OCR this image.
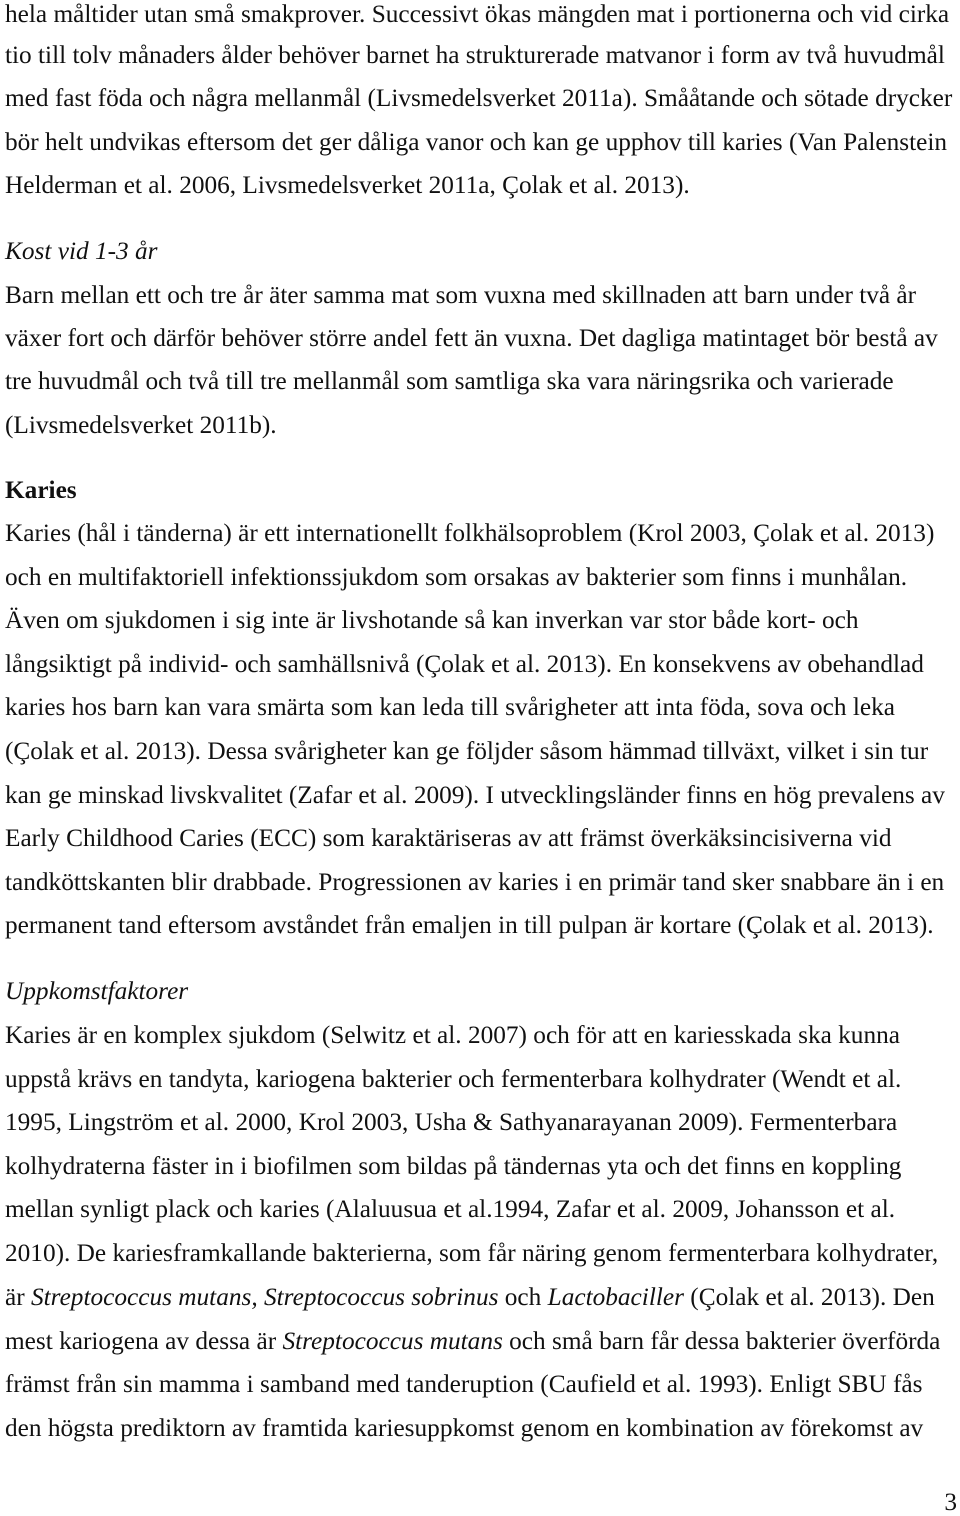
hela måltider utan små smakprover. Successivt ökas mängden mat i portionerna och vid cirka
tio till tolv månaders ålder behöver barnet ha strukturerade matvanor i form av två huvudmål
med fast föda och några mellanmål (Livsmedelsverket 2011a). Smååtande och sötade drycker
bör helt undvikas eftersom det ger dåliga vanor och kan ge upphov till karies (Van Palenstein
Helderman et al. 2006, Livsmedelsverket 2011a, Çolak et al. 2013).
Kost vid 1-3 år
Barn mellan ett och tre år äter samma mat som vuxna med skillnaden att barn under två år
växer fort och därför behöver större andel fett än vuxna. Det dagliga matintaget bör bestå av
tre huvudmål och två till tre mellanmål som samtliga ska vara näringsrika och varierade
(Livsmedelsverket 2011b).
Karies
Karies (hål i tänderna) är ett internationellt folkhälsoproblem (Krol 2003, Çolak et al. 2013)
och en multifaktoriell infektionssjukdom som orsakas av bakterier som finns i munhålan.
Även om sjukdomen i sig inte är livshotande så kan inverkan var stor både kort- och
långsiktigt på individ- och samhällsnivå (Çolak et al. 2013). En konsekvens av obehandlad
karies hos barn kan vara smärta som kan leda till svårigheter att inta föda, sova och leka
(Çolak et al. 2013). Dessa svårigheter kan ge följder såsom hämmad tillväxt, vilket i sin tur
kan ge minskad livskvalitet (Zafar et al. 2009). I utvecklingsländer finns en hög prevalens av
Early Childhood Caries (ECC) som karaktäriseras av att främst överkäksincisiverna vid
tandköttskanten blir drabbade. Progressionen av karies i en primär tand sker snabbare än i en
permanent tand eftersom avståndet från emaljen in till pulpan är kortare (Çolak et al. 2013).
Uppkomstfaktorer
Karies är en komplex sjukdom (Selwitz et al. 2007) och för att en kariesskada ska kunna
uppstå krävs en tandyta, kariogena bakterier och fermenterbara kolhydrater (Wendt et al.
1995, Lingström et al. 2000, Krol 2003, Usha & Sathyanarayanan 2009). Fermenterbara
kolhydraterna fäster in i biofilmen som bildas på tändernas yta och det finns en koppling
mellan synligt plack och karies (Alaluusua et al.1994, Zafar et al. 2009, Johansson et al.
2010). De kariesframkallande bakterierna, som får näring genom fermenterbara kolhydrater,
är Streptococcus mutans, Streptococcus sobrinus och Lactobaciller (Çolak et al. 2013). Den
mest kariogena av dessa är Streptococcus mutans och små barn får dessa bakterier överförda
främst från sin mamma i samband med tanderuption (Caufield et al. 1993). Enligt SBU fås
den högsta prediktorn av framtida kariesuppkomst genom en kombination av förekomst av
3
